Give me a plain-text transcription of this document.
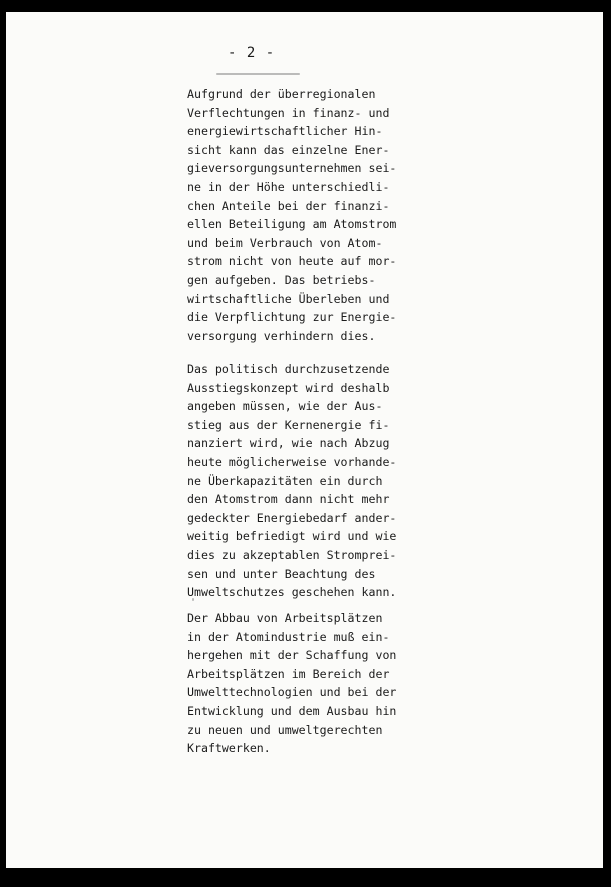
- 2 -
Aufgrund der überregionalen
Verflechtungen in finanz- und
energiewirtschaftlicher Hin-
sicht kann das einzelne Ener-
gieversorgungsunternehmen sei-
ne in der Höhe unterschiedli-
chen Anteile bei der finanzi-
ellen Beteiligung am Atomstrom
und beim Verbrauch von Atom-
strom nicht von heute auf mor-
gen aufgeben. Das betriebs-
wirtschaftliche Überleben und
die Verpflichtung zur Energie-
versorgung verhindern dies.
Das politisch durchzusetzende
Ausstiegskonzept wird deshalb
angeben müssen, wie der Aus-
stieg aus der Kernenergie fi-
nanziert wird, wie nach Abzug
heute möglicherweise vorhande-
ne Überkapazitäten ein durch
den Atomstrom dann nicht mehr
gedeckter Energiebedarf ander-
weitig befriedigt wird und wie
dies zu akzeptablen Stromprei-
sen und unter Beachtung des
Umweltschutzes geschehen kann.
Der Abbau von Arbeitsplätzen
in der Atomindustrie muß ein-
hergehen mit der Schaffung von
Arbeitsplätzen im Bereich der
Umwelttechnologien und bei der
Entwicklung und dem Ausbau hin
zu neuen und umweltgerechten
Kraftwerken.
